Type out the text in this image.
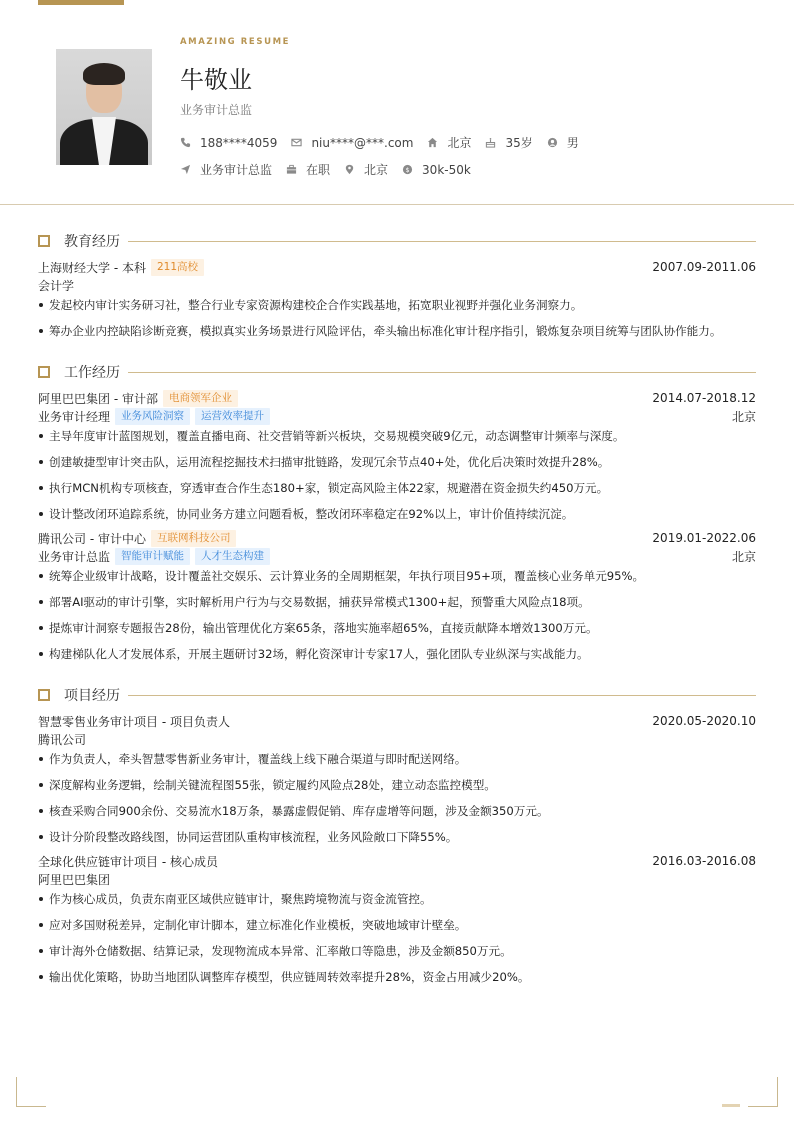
AMAZING RESUME
牛敬业
业务审计总监
188****4059	niu****@***.com	北京	35岁	男
业务审计总监	在职	北京 $ 30k-50k
教育经历
上海财经大学 - 本科	211高校	2007.09-2011.06
会计学
发起校内审计实务研习社，整合行业专家资源构建校企合作实践基地，拓宽职业视野并强化业务洞察力。
筹办企业内控缺陷诊断竞赛，模拟真实业务场景进行风险评估，牵头输出标准化审计程序指引，锻炼复杂项目统筹与团队协作能力。
工作经历
阿里巴巴集团 - 审计部	电商领军企业	2014.07-2018.12
业务审计经理	业务风险洞察	运营效率提升	北京
主导年度审计蓝图规划，覆盖直播电商、社交营销等新兴板块，交易规模突破9亿元，动态调整审计频率与深度。
创建敏捷型审计突击队，运用流程挖掘技术扫描审批链路，发现冗余节点40+处，优化后决策时效提升28%。
执行MCN机构专项核查，穿透审查合作生态180+家，锁定高风险主体22家，规避潜在资金损失约450万元。
设计整改闭环追踪系统，协同业务方建立问题看板，整改闭环率稳定在92%以上，审计价值持续沉淀。
腾讯公司 - 审计中心	互联网科技公司	2019.01-2022.06
业务审计总监	智能审计赋能	人才生态构建	北京
统筹企业级审计战略，设计覆盖社交娱乐、云计算业务的全周期框架，年执行项目95+项，覆盖核心业务单元95%。
部署AI驱动的审计引擎，实时解析用户行为与交易数据，捕获异常模式1300+起，预警重大风险点18项。
提炼审计洞察专题报告28份，输出管理优化方案65条，落地实施率超65%，直接贡献降本增效1300万元。
构建梯队化人才发展体系，开展主题研讨32场，孵化资深审计专家17人，强化团队专业纵深与实战能力。
项目经历
智慧零售业务审计项目 - 项目负责人	2020.05-2020.10
腾讯公司
作为负责人，牵头智慧零售新业务审计，覆盖线上线下融合渠道与即时配送网络。
深度解构业务逻辑，绘制关键流程图55张，锁定履约风险点28处，建立动态监控模型。
核查采购合同900余份、交易流水18万条，暴露虚假促销、库存虚增等问题，涉及金额350万元。
设计分阶段整改路线图，协同运营团队重构审核流程，业务风险敞口下降55%。
全球化供应链审计项目 - 核心成员	2016.03-2016.08
阿里巴巴集团
作为核心成员，负责东南亚区域供应链审计，聚焦跨境物流与资金流管控。
应对多国财税差异，定制化审计脚本，建立标准化作业模板，突破地域审计壁垒。
审计海外仓储数据、结算记录，发现物流成本异常、汇率敞口等隐患，涉及金额850万元。
输出优化策略，协助当地团队调整库存模型，供应链周转效率提升28%，资金占用减少20%。
